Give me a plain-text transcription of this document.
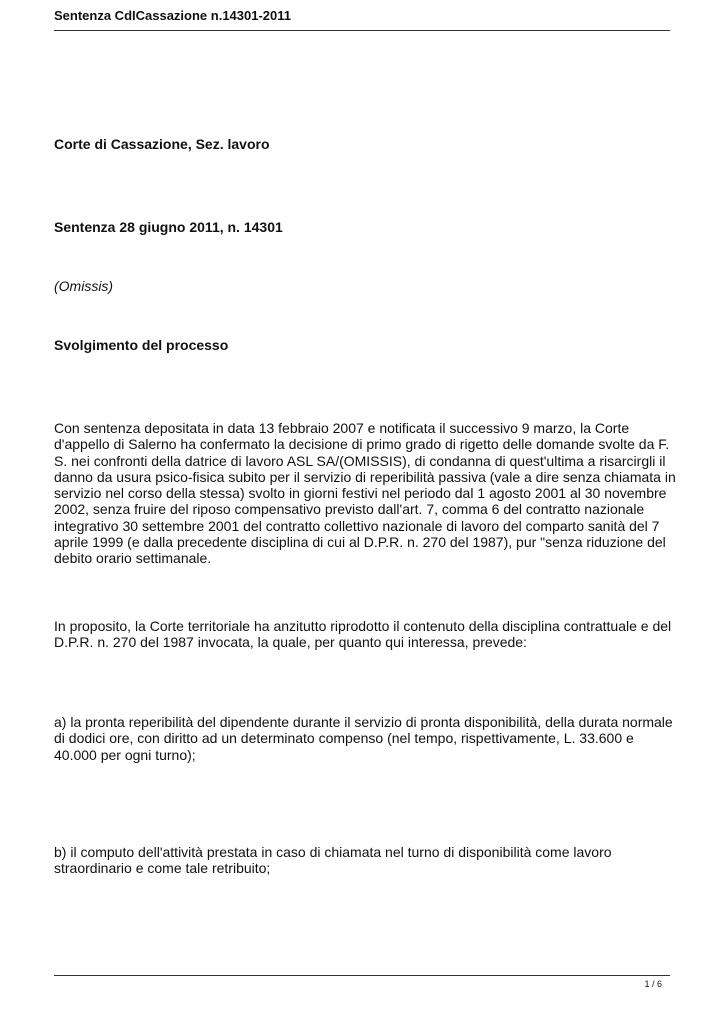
Sentenza CdICassazione n.14301-2011
Corte di Cassazione, Sez. lavoro
Sentenza 28 giugno 2011, n. 14301
(Omissis)
Svolgimento del processo

Con sentenza depositata in data 13 febbraio 2007 e notificata il successivo 9 marzo, la Corte d'appello di Salerno ha confermato la decisione di primo grado di rigetto delle domande svolte da F. S. nei confronti della datrice di lavoro ASL SA/(OMISSIS), di condanna di quest'ultima a risarcirgli il danno da usura psico-fisica subito per il servizio di reperibilità passiva (vale a dire senza chiamata in servizio nel corso della stessa) svolto in giorni festivi nel periodo dal 1 agosto 2001 al 30 novembre 2002, senza fruire del riposo compensativo previsto dall'art. 7, comma 6 del contratto nazionale integrativo 30 settembre 2001 del contratto collettivo nazionale di lavoro del comparto sanità del 7 aprile 1999 (e dalla precedente disciplina di cui al D.P.R. n. 270 del 1987), pur "senza riduzione del debito orario settimanale.

In proposito, la Corte territoriale ha anzitutto riprodotto il contenuto della disciplina contrattuale e del D.P.R. n. 270 del 1987 invocata, la quale, per quanto qui interessa, prevede:

a) la pronta reperibilità del dipendente durante il servizio di pronta disponibilità, della durata normale di dodici ore, con diritto ad un determinato compenso (nel tempo, rispettivamente, L. 33.600 e 40.000 per ogni turno);

b) il computo dell'attività prestata in caso di chiamata nel turno di disponibilità come lavoro straordinario e come tale retribuito;

1 / 6
